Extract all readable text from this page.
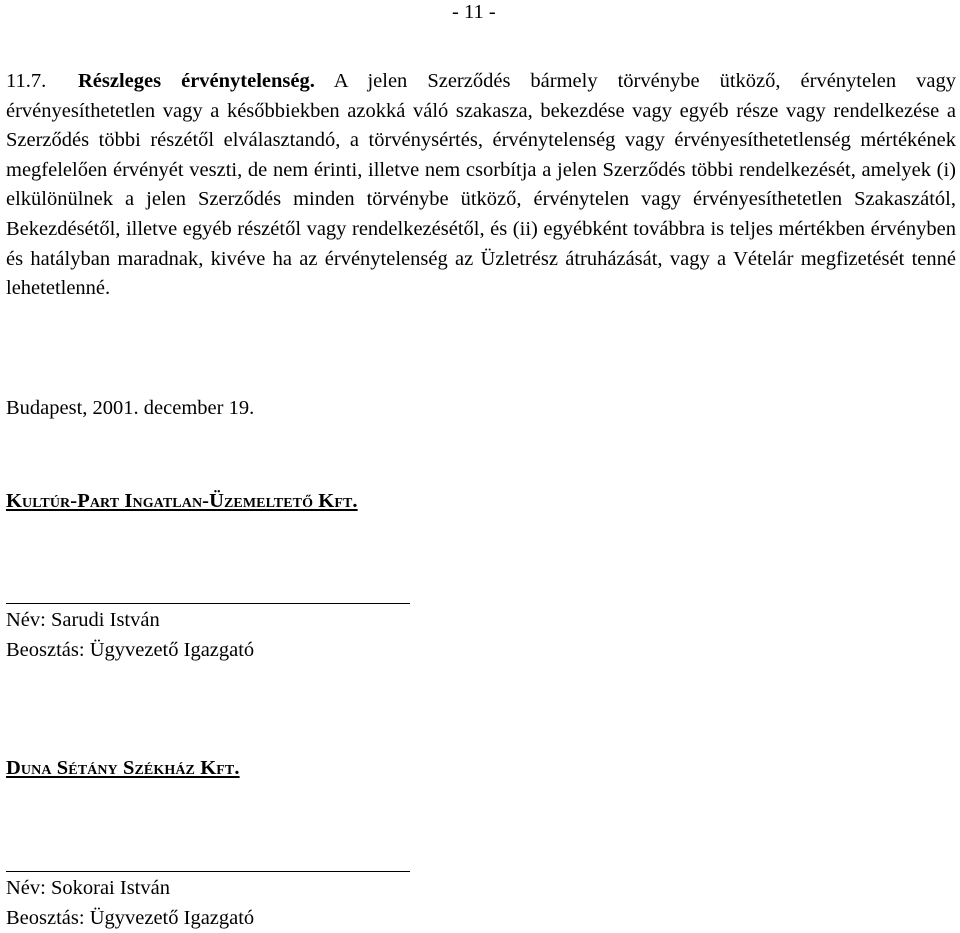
- 11 -
11.7. Részleges érvénytelenség. A jelen Szerződés bármely törvénybe ütköző, érvénytelen vagy érvényesíthetetlen vagy a későbbiekben azokká váló szakasza, bekezdése vagy egyéb része vagy rendelkezése a Szerződés többi részétől elválasztandó, a törvénysértés, érvénytelenség vagy érvényesíthetetlenség mértékének megfelelően érvényét veszti, de nem érinti, illetve nem csorbítja a jelen Szerződés többi rendelkezését, amelyek (i) elkülönülnek a jelen Szerződés minden törvénybe ütköző, érvénytelen vagy érvényesíthetetlen Szakaszától, Bekezdésétől, illetve egyéb részétől vagy rendelkezésétől, és (ii) egyébként továbbra is teljes mértékben érvényben és hatályban maradnak, kivéve ha az érvénytelenség az Üzletrész átruházását, vagy a Vételár megfizetését tenné lehetetlenné.
Budapest, 2001. december 19.
Kultúr-Part Ingatlan-Üzemeltető Kft.
Név: Sarudi István
Beosztás: Ügyvezető Igazgató
Duna Sétány Székház Kft.
Név: Sokorai István
Beosztás: Ügyvezető Igazgató
